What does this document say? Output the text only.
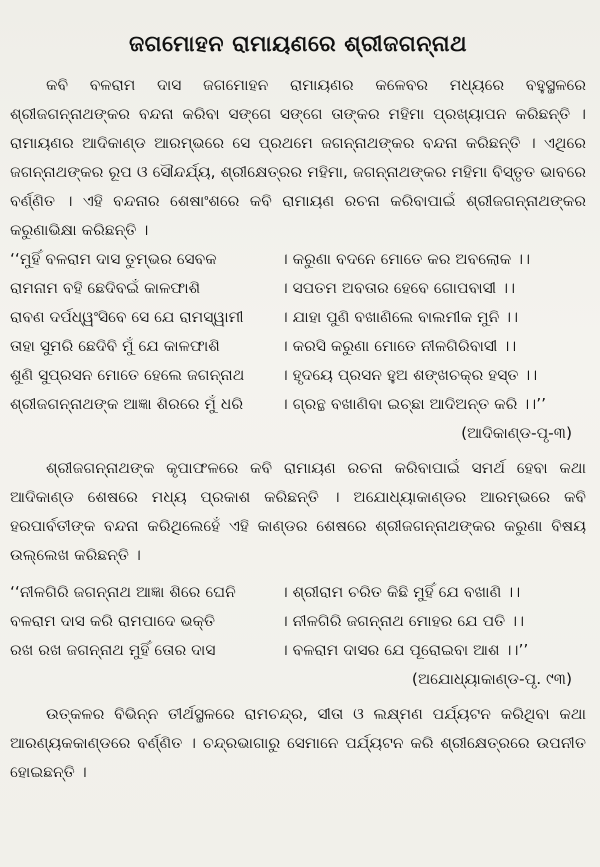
ଜଗମୋହନ ରାମାୟଣରେ ଶ୍ରୀଜଗନ୍ନାଥ

କବି ବଳରାମ ଦାସ ଜଗମୋହନ ରାମାୟଣର କଳେବର ମଧ୍ୟରେ ବହୁସ୍ଥଳରେ ଶ୍ରୀଜଗନ୍ନାଥଙ୍କର ବନ୍ଦନା କରିବା ସଙ୍ଗେ ସଙ୍ଗେ ତାଙ୍କର ମହିମା ପ୍ରଖ୍ୟାପନ କରିଛନ୍ତି । ରାମାୟଣର ଆଦିକାଣ୍ଡ ଆରମ୍ଭରେ ସେ ପ୍ରଥମେ ଜଗନ୍ନାଥଙ୍କର ବନ୍ଦନା କରିଛନ୍ତି । ଏଥିରେ ଜଗନ୍ନାଥଙ୍କର ରୂପ ଓ ସୌନ୍ଦର୍ଯ୍ୟ, ଶ୍ରୀକ୍ଷେତ୍ରର ମହିମା, ଜଗନ୍ନାଥଙ୍କର ମହିମା ବିସ୍ତୃତ ଭାବରେ ବର୍ଣ୍ଣିତ । ଏହି ବନ୍ଦନାର ଶେଷାଂଶରେ କବି ରାମାୟଣ ରଚନା କରିବାପାଇଁ ଶ୍ରୀଜଗନ୍ନାଥଙ୍କର କରୁଣାଭିକ୍ଷା କରିଛନ୍ତି ।

‘‘ମୁହିଁ ବଳରାମ ଦାସ ତୁମ୍ଭର ସେବକ	। କରୁଣା ବଦନେ ମୋତେ କର ଅବଲୋକ ।।
ରାମନାମ ବହି ଛେଦିବଇଁ କାଳଫାଶି	। ସପତମ ଅବତାର ହେବେ ଗୋପବାସୀ ।।
ରାବଣ ଦର୍ପଧ୍ୱଂସିବେ ସେ ଯେ ରାମସ୍ୱାମୀ	। ଯାହା ପୁଣି ବଖାଣିଲେ ବାଲମୀକ ମୁନି ।।
ତାହା ସୁମରି ଛେଦିବି ମୁଁ ଯେ କାଳଫାଶି	। କରସି କରୁଣା ମୋତେ ନୀଳଗିରିବାସୀ ।।
ଶୁଣି ସୁପ୍ରସନ ମୋତେ ହେଲେ ଜଗନ୍ନାଥ	। ହୃଦୟେ ପ୍ରସନ ହୁଅ ଶଙ୍ଖଚକ୍ର ହସ୍ତ ।।
ଶ୍ରୀଜଗନ୍ନାଥଙ୍କ ଆଜ୍ଞା ଶିରରେ ମୁଁ ଧରି	। ଗ୍ରନ୍ଥ ବଖାଣିବା ଇଚ୍ଛା ଆଦିଅନ୍ତ କରି ।।’’

(ଆଦିକାଣ୍ଡ-ପୃ-୩)

ଶ୍ରୀଜଗନ୍ନାଥଙ୍କ କୃପାଫଳରେ କବି ରାମାୟଣ ରଚନା କରିବାପାଇଁ ସମର୍ଥ ହେବା କଥା ଆଦିକାଣ୍ଡ ଶେଷରେ ମଧ୍ୟ ପ୍ରକାଶ କରିଛନ୍ତି । ଅଯୋଧ୍ୟାକାଣ୍ଡର ଆରମ୍ଭରେ କବି ହରପାର୍ବତୀଙ୍କ ବନ୍ଦନା କରିଥିଲେହେଁ ଏହି କାଣ୍ଡର ଶେଷରେ ଶ୍ରୀଜଗନ୍ନାଥଙ୍କର କରୁଣା ବିଷୟ ଉଲ୍ଲେଖ କରିଛନ୍ତି ।

‘‘ନୀଳଗିରି ଜଗନ୍ନାଥ ଆଜ୍ଞା ଶିରେ ଘେନି	। ଶ୍ରୀରାମ ଚରିତ କିଛି ମୁହିଁ ଯେ ବଖାଣି ।।
ବଳରାମ ଦାସ କରି ରାମପାଦେ ଭକ୍ତି	। ନୀଳଗିରି ଜଗନ୍ନାଥ ମୋହର ଯେ ପତି ।।
ରଖ ରଖ ଜଗନ୍ନାଥ ମୁହିଁ ତୋର ଦାସ	। ବଳରାମ ଦାସର ଯେ ପୂରୋଇବା ଆଶ ।।’’

(ଅଯୋଧ୍ୟାକାଣ୍ଡ-ପୃ. ୯୩)

ଉତ୍କଳର ବିଭିନ୍ନ ତୀର୍ଥସ୍ଥଳରେ ରାମଚନ୍ଦ୍ର, ସୀତା ଓ ଲକ୍ଷ୍ମଣ ପର୍ଯ୍ୟଟନ କରିଥିବା କଥା ଆରଣ୍ୟକକାଣ୍ଡରେ ବର୍ଣ୍ଣିତ । ଚନ୍ଦ୍ରଭାଗାରୁ ସେମାନେ ପର୍ଯ୍ୟଟନ କରି ଶ୍ରୀକ୍ଷେତ୍ରରେ ଉପନୀତ ହୋଇଛନ୍ତି ।
